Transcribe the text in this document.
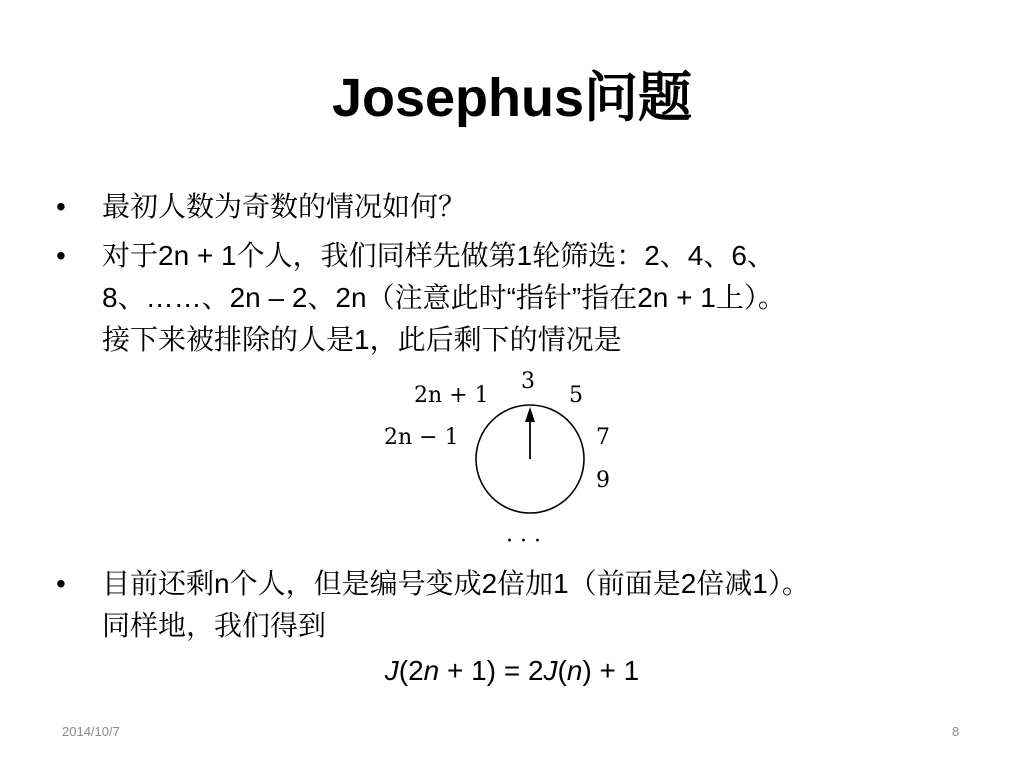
Josephus问题
•	最初人数为奇数的情况如何？
•	对于2n + 1个人，我们同样先做第1轮筛选：2、4、6、
8、……、2n – 2、2n（注意此时“指针”指在2n + 1上）。
接下来被排除的人是1，此后剩下的情况是
2n + 1
3
5
2n − 1	7
9
· · ·
•	目前还剩n个人，但是编号变成2倍加1（前面是2倍减1）。
同样地，我们得到
J(2n + 1) = 2J(n) + 1
2014/10/7	8
